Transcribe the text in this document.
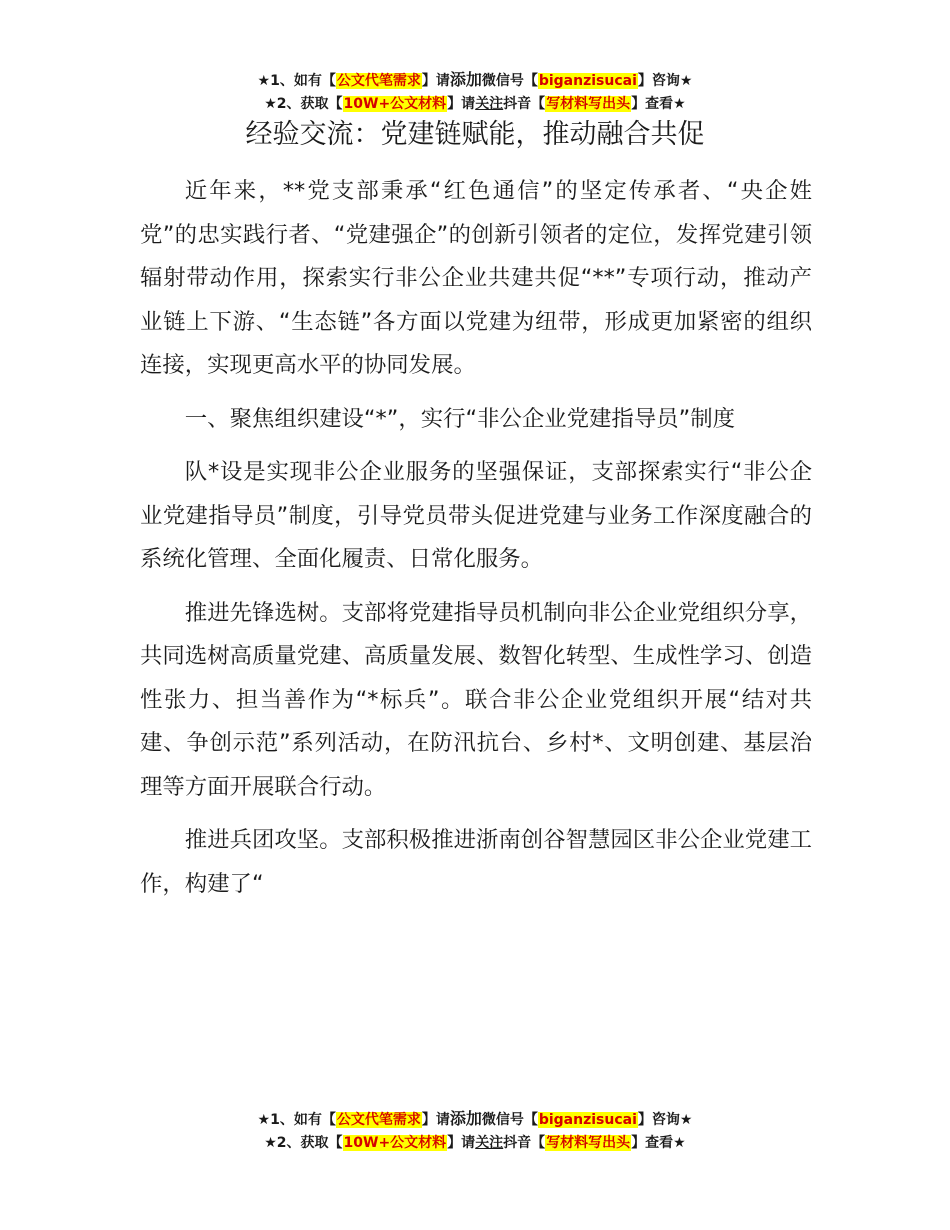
★1、如有【公文代笔需求】请添加微信号【biganzisucai】咨询★
★2、获取【10W+公文材料】请关注抖音【写材料写出头】查看★
经验交流：党建链赋能，推动融合共促

近年来，**党支部秉承“红色通信”的坚定传承者、“央企姓党”的忠实践行者、“党建强企”的创新引领者的定位，发挥党建引领辐射带动作用，探索实行非公企业共建共促“**”专项行动，推动产业链上下游、“生态链”各方面以党建为纽带，形成更加紧密的组织连接，实现更高水平的协同发展。

一、聚焦组织建设“*”，实行“非公企业党建指导员”制度

队*设是实现非公企业服务的坚强保证，支部探索实行“非公企业党建指导员”制度，引导党员带头促进党建与业务工作深度融合的系统化管理、全面化履责、日常化服务。

推进先锋选树。支部将党建指导员机制向非公企业党组织分享，共同选树高质量党建、高质量发展、数智化转型、生成性学习、创造性张力、担当善作为“*标兵”。联合非公企业党组织开展“结对共建、争创示范”系列活动，在防汛抗台、乡村*、文明创建、基层治理等方面开展联合行动。

推进兵团攻坚。支部积极推进浙南创谷智慧园区非公企业党建工作，构建了“

★1、如有【公文代笔需求】请添加微信号【biganzisucai】咨询★
★2、获取【10W+公文材料】请关注抖音【写材料写出头】查看★
